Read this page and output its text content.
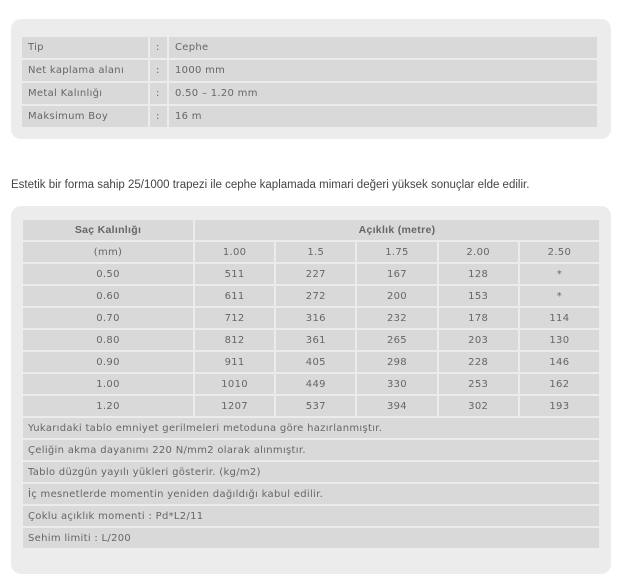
Tip	:	Cephe
Net kaplama alanı	:	1000 mm
Metal Kalınlığı	:	0.50 – 1.20 mm
Maksimum Boy	:	16 m
Estetik bir forma sahip 25/1000 trapezi ile cephe kaplamada mimari değeri yüksek sonuçlar elde edilir.
Saç Kalınlığı	Açıklık (metre)				
(mm)	1.00	1.5	1.75	2.00	2.50
0.50	511	227	167	128	*
0.60	611	272	200	153	*
0.70	712	316	232	178	114
0.80	812	361	265	203	130
0.90	911	405	298	228	146
1.00	1010	449	330	253	162
1.20	1207	537	394	302	193
Yukarıdaki tablo emniyet gerilmeleri metoduna göre hazırlanmıştır.					
Çeliğin akma dayanımı 220 N/mm2 olarak alınmıştır.					
Tablo düzgün yayılı yükleri gösterir. (kg/m2)					
İç mesnetlerde momentin yeniden dağıldığı kabul edilir.					
Çoklu açıklık momenti : Pd*L2/11					
Sehim limiti : L/200					
